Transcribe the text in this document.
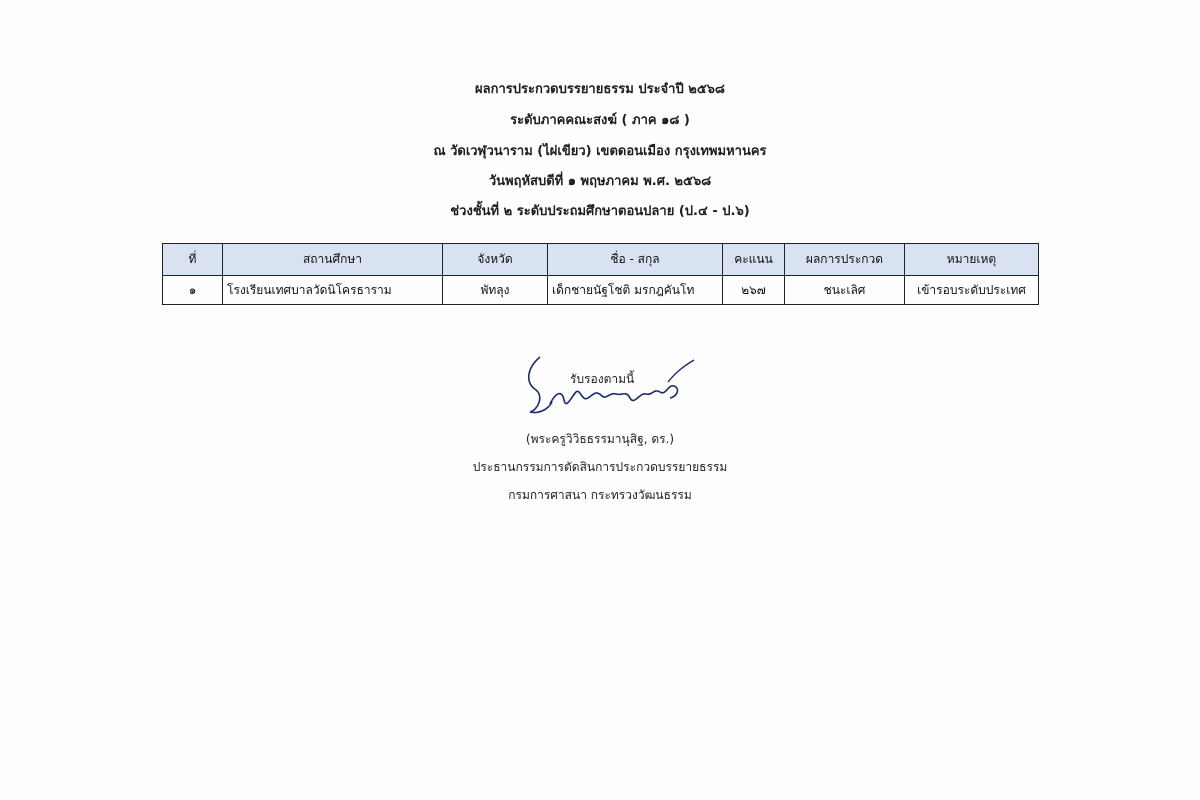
ผลการประกวดบรรยายธรรม ประจำปี ๒๕๖๘
ระดับภาคคณะสงฆ์ ( ภาค ๑๘ )
ณ วัดเวฬุวนาราม (ไผ่เขียว) เขตดอนเมือง กรุงเทพมหานคร
วันพฤหัสบดีที่ ๑ พฤษภาคม พ.ศ. ๒๕๖๘
ช่วงชั้นที่ ๒ ระดับประถมศึกษาตอนปลาย (ป.๔ - ป.๖)
ที่	สถานศึกษา	จังหวัด	ชื่อ - สกุล	คะแนน	ผลการประกวด	หมายเหตุ
๑	โรงเรียนเทศบาลวัดนิโครธาราม	พัทลุง	เด็กชายนัฐโชติ มรกฎคันโท	๒๖๗	ชนะเลิศ	เข้ารอบระดับประเทศ
รับรองตามนี้
(พระครูวิวิธธรรมานุสิฐ, ดร.)
ประธานกรรมการตัดสินการประกวดบรรยายธรรม
กรมการศาสนา กระทรวงวัฒนธรรม
